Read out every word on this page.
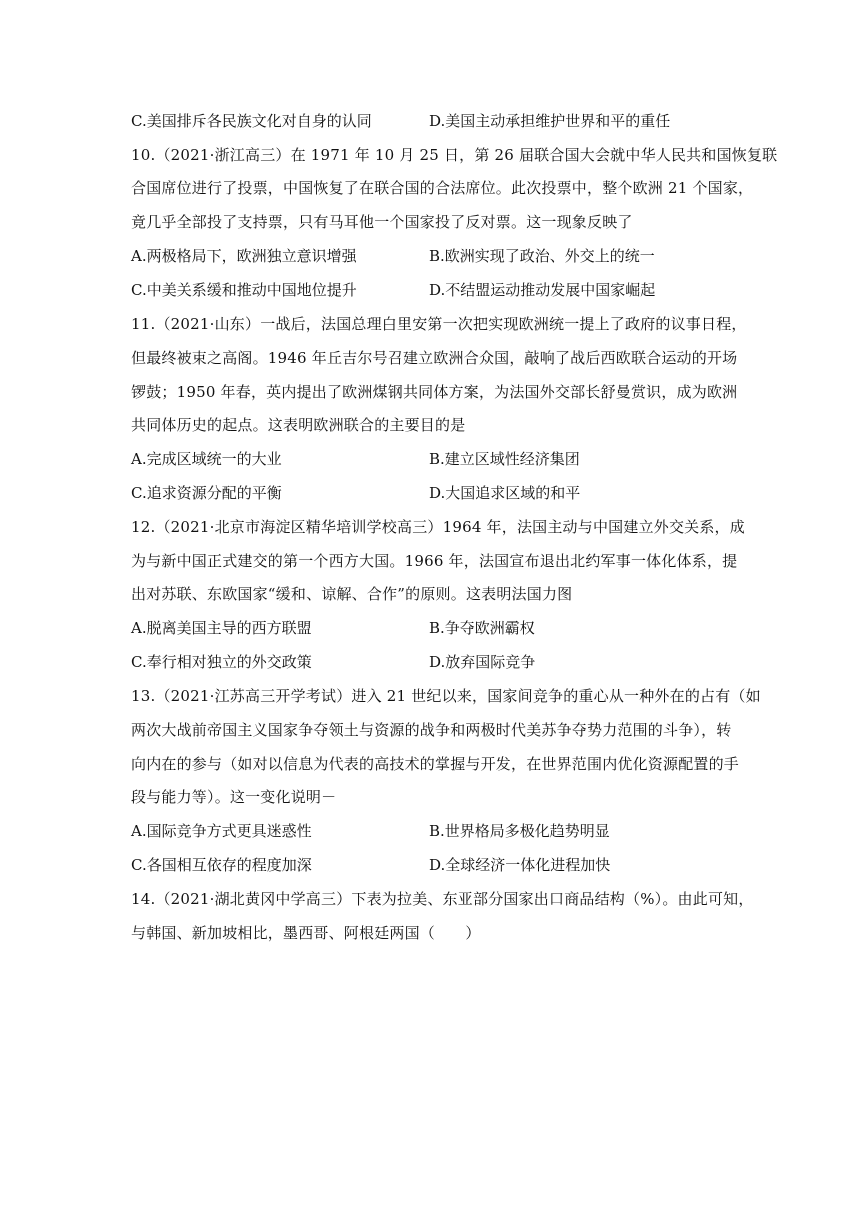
C.美国排斥各民族文化对自身的认同	D.美国主动承担维护世界和平的重任
10.（2021·浙江高三）在 1971 年 10 月 25 日，第 26 届联合国大会就中华人民共和国恢复联
合国席位进行了投票，中国恢复了在联合国的合法席位。此次投票中，整个欧洲 21 个国家，
竟几乎全部投了支持票，只有马耳他一个国家投了反对票。这一现象反映了
A.两极格局下，欧洲独立意识增强	B.欧洲实现了政治、外交上的统一
C.中美关系缓和推动中国地位提升	D.不结盟运动推动发展中国家崛起
11.（2021·山东）一战后，法国总理白里安第一次把实现欧洲统一提上了政府的议事日程，
但最终被束之高阁。1946 年丘吉尔号召建立欧洲合众国，敲响了战后西欧联合运动的开场
锣鼓；1950 年春，英内提出了欧洲煤钢共同体方案，为法国外交部长舒曼赏识，成为欧洲
共同体历史的起点。这表明欧洲联合的主要目的是
A.完成区域统一的大业	B.建立区域性经济集团
C.追求资源分配的平衡	D.大国追求区域的和平
12.（2021·北京市海淀区精华培训学校高三）1964 年，法国主动与中国建立外交关系，成
为与新中国正式建交的第一个西方大国。1966 年，法国宣布退出北约军事一体化体系，提
出对苏联、东欧国家“缓和、谅解、合作”的原则。这表明法国力图
A.脱离美国主导的西方联盟	B.争夺欧洲霸权
C.奉行相对独立的外交政策	D.放弃国际竞争
13.（2021·江苏高三开学考试）进入 21 世纪以来，国家间竞争的重心从一种外在的占有（如
两次大战前帝国主义国家争夺领土与资源的战争和两极时代美苏争夺势力范围的斗争），转
向内在的参与（如对以信息为代表的高技术的掌握与开发，在世界范围内优化资源配置的手
段与能力等）。这一变化说明－
A.国际竞争方式更具迷惑性	B.世界格局多极化趋势明显
C.各国相互依存的程度加深	D.全球经济一体化进程加快
14.（2021·湖北黄冈中学高三）下表为拉美、东亚部分国家出口商品结构（%）。由此可知，
与韩国、新加坡相比，墨西哥、阿根廷两国（　　）
